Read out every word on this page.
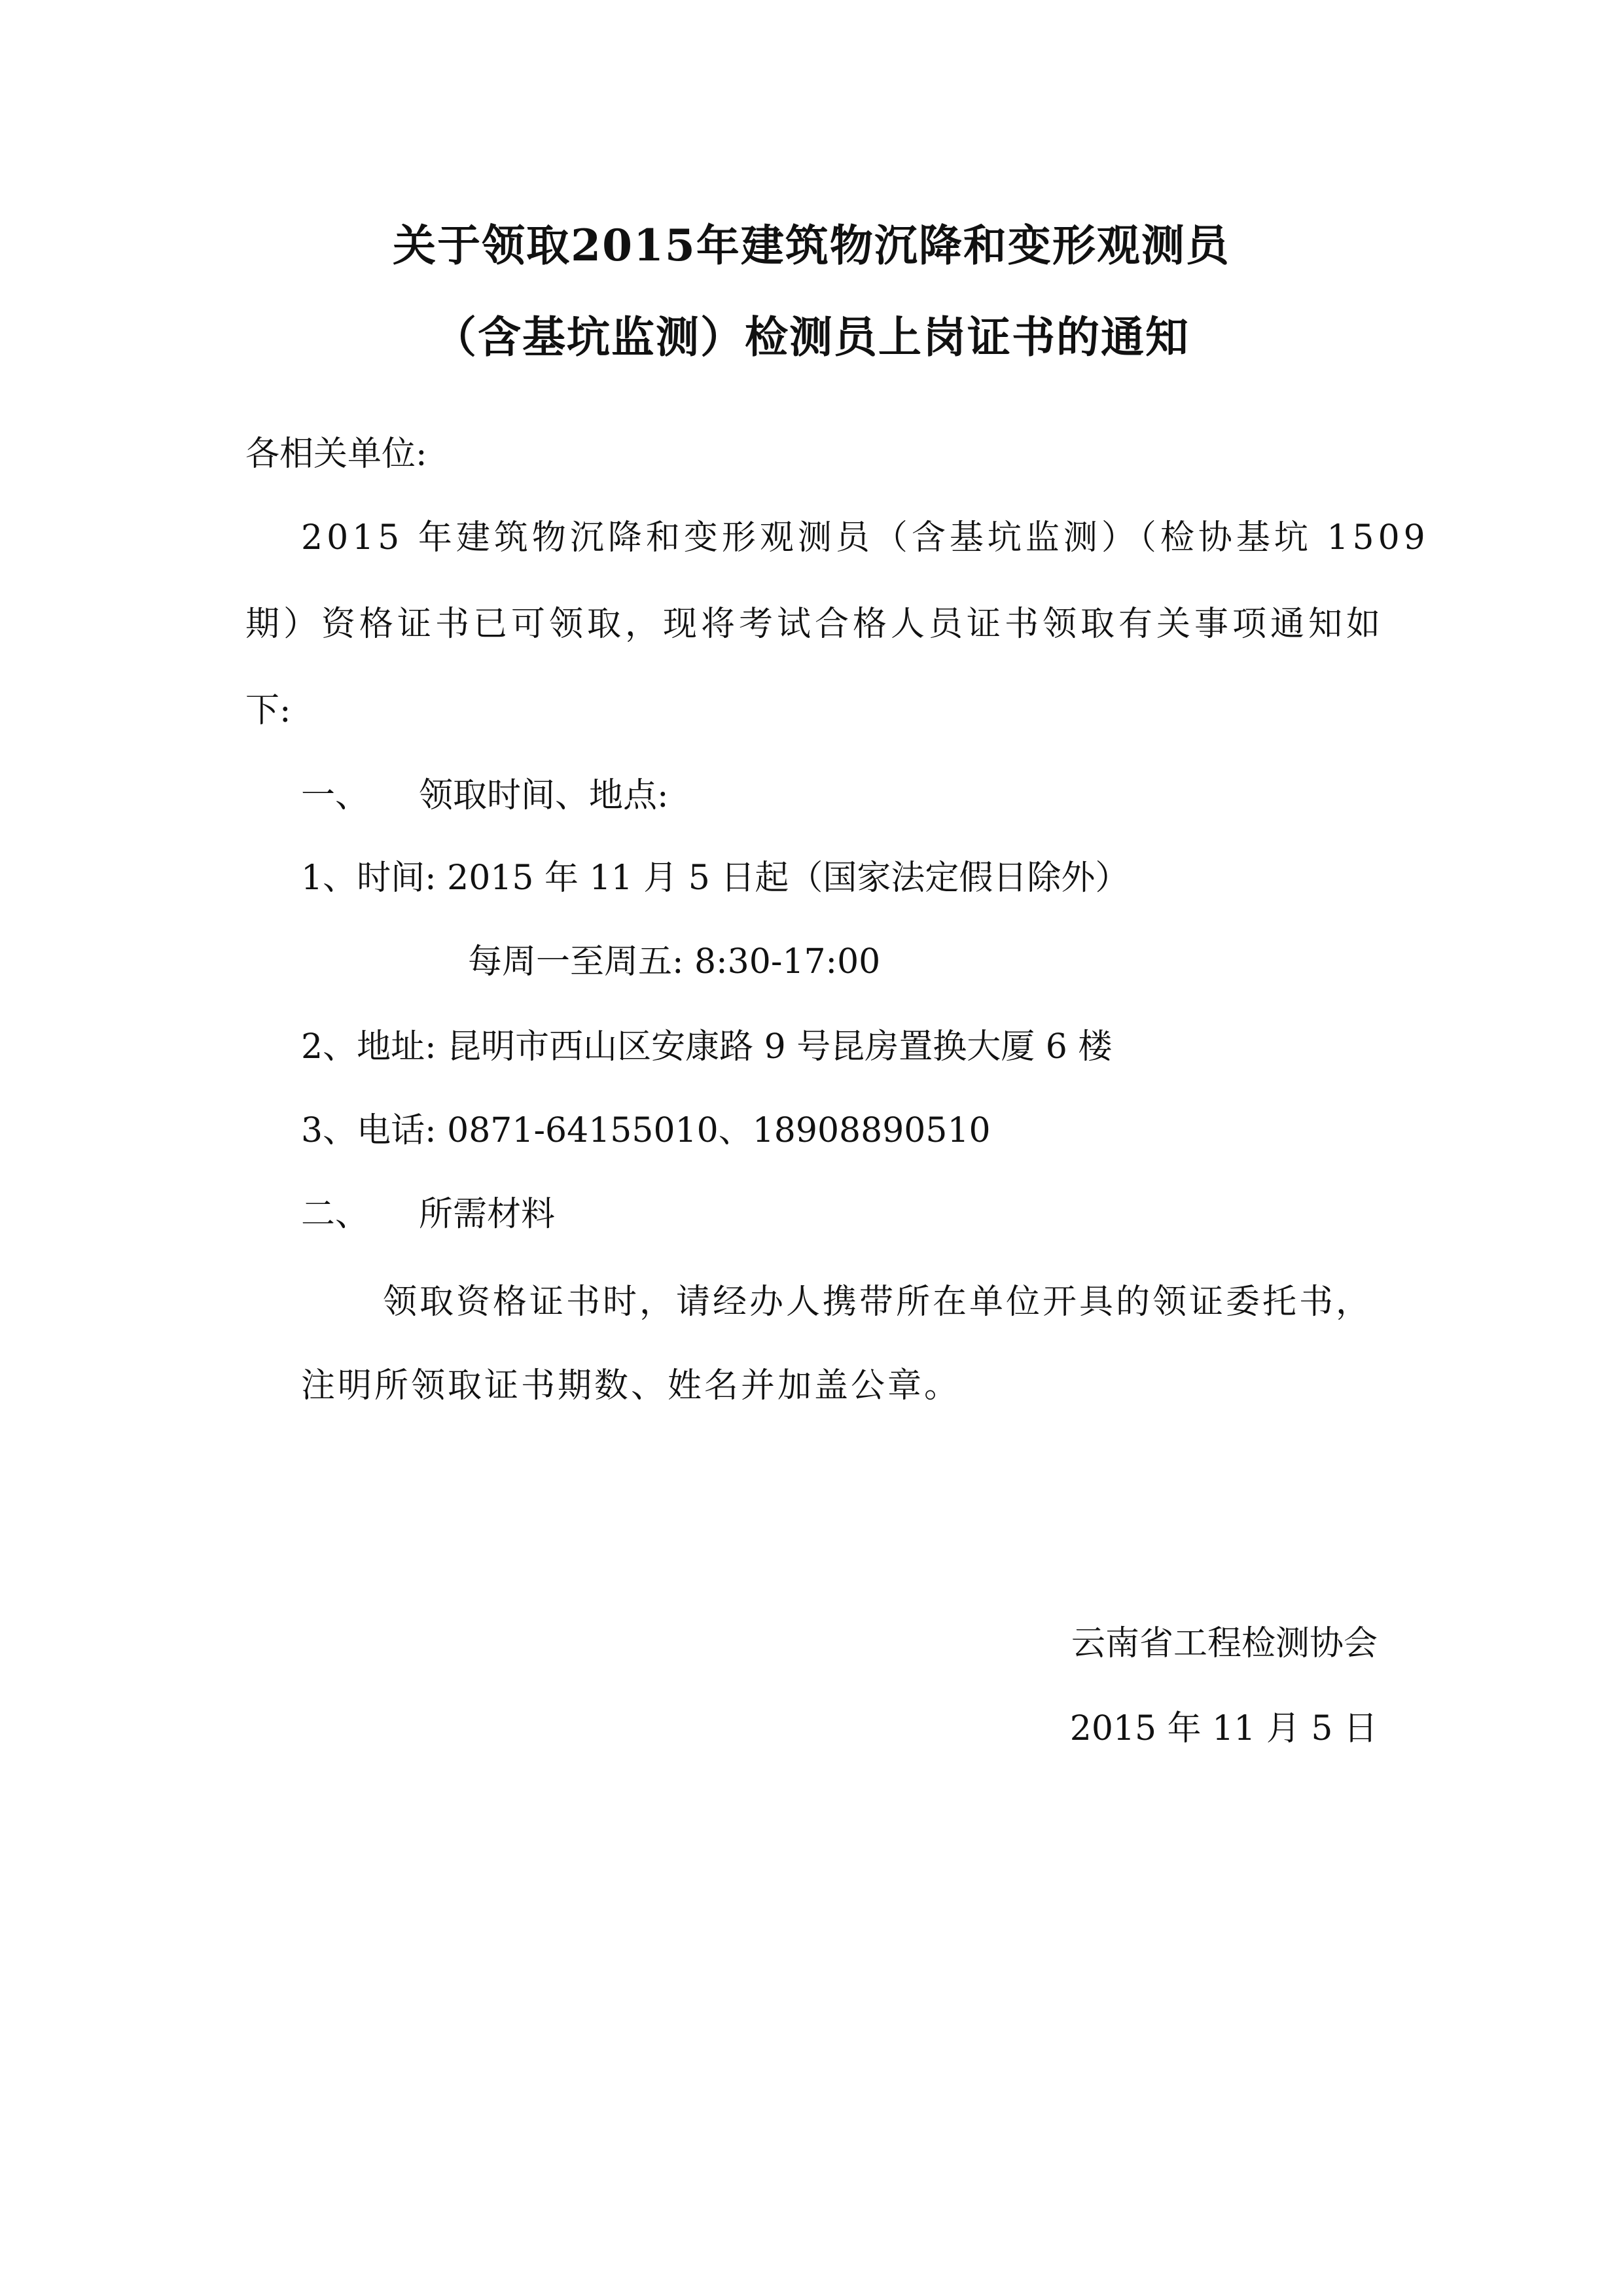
关于领取2015年建筑物沉降和变形观测员
（含基坑监测）检测员上岗证书的通知
各相关单位:
2015 年建筑物沉降和变形观测员（含基坑监测）（检协基坑 1509
期）资格证书已可领取，现将考试合格人员证书领取有关事项通知如
下:
一、 领取时间、地点:
1、时间: 2015 年 11 月 5 日起（国家法定假日除外）
每周一至周五: 8:30-17:00
2、地址: 昆明市西山区安康路 9 号昆房置换大厦 6 楼
3、电话: 0871-64155010、18908890510
二、 所需材料
领取资格证书时，请经办人携带所在单位开具的领证委托书，
注明所领取证书期数、姓名并加盖公章。
云南省工程检测协会
2015 年 11 月 5 日
